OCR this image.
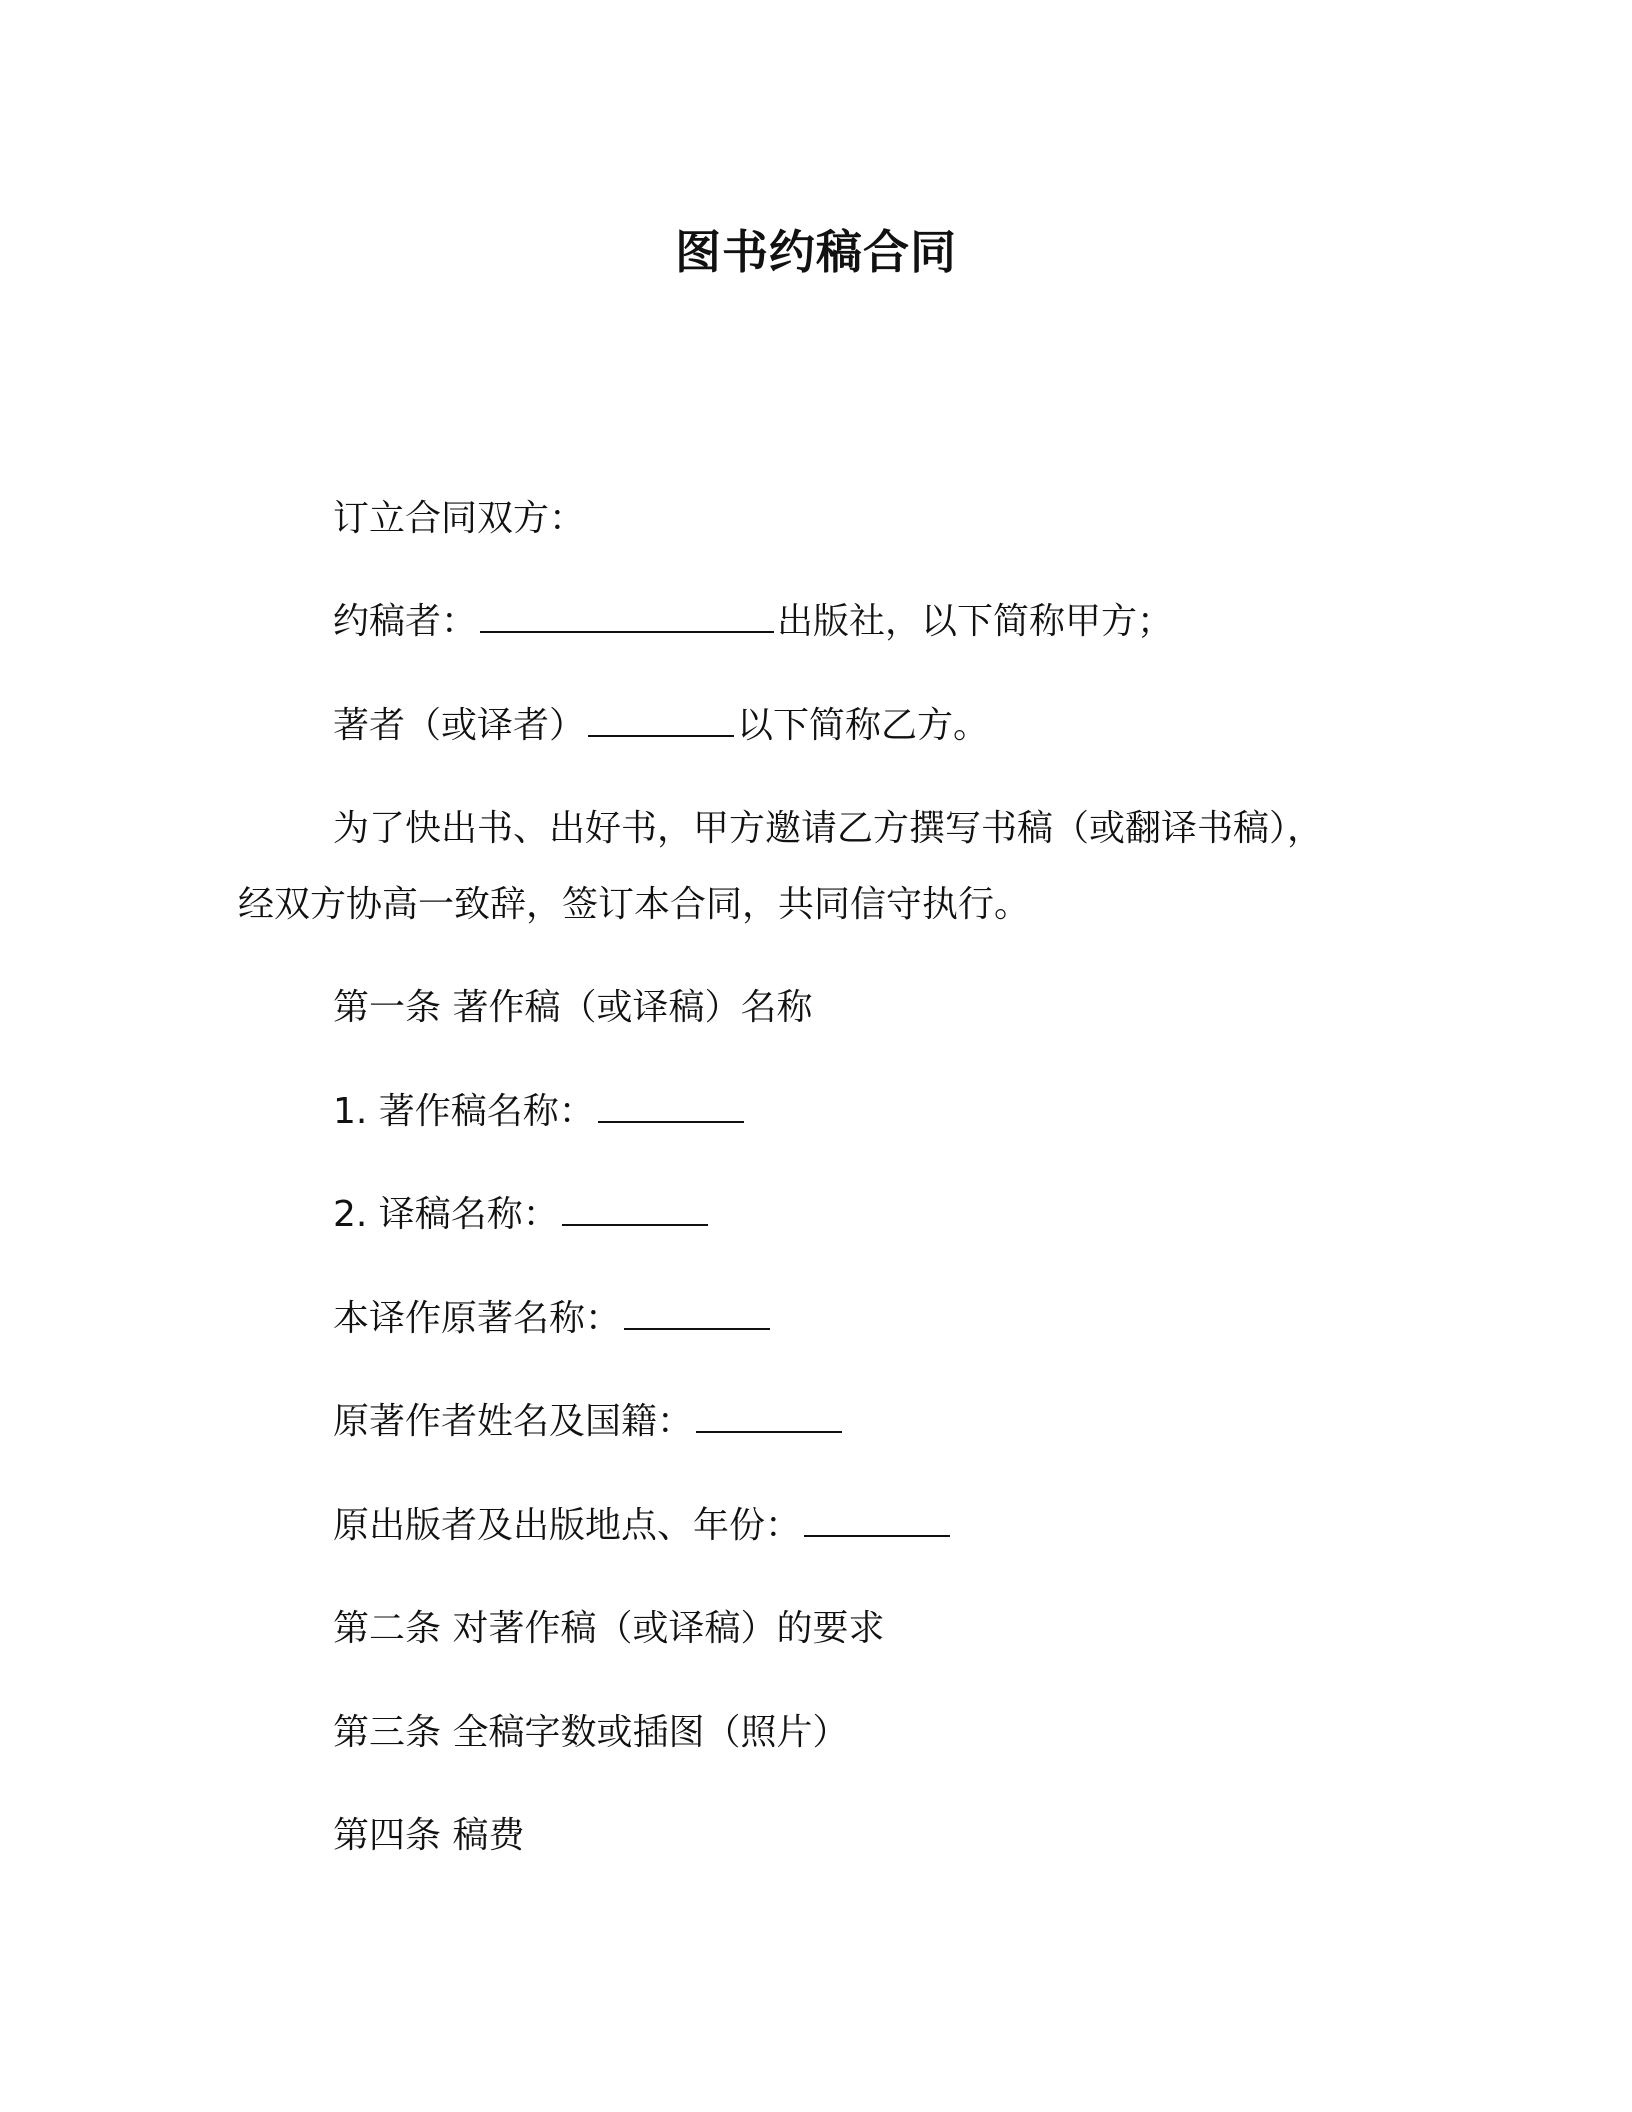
图书约稿合同
订立合同双方：
约稿者：	出版社，以下简称甲方；
著者（或译者）	以下简称乙方。
为了快出书、出好书，甲方邀请乙方撰写书稿（或翻译书稿），
经双方协高一致辞，签订本合同，共同信守执行。
第一条 著作稿（或译稿）名称
1. 著作稿名称：
2. 译稿名称：
本译作原著名称：
原著作者姓名及国籍：
原出版者及出版地点、年份：
第二条 对著作稿（或译稿）的要求
第三条 全稿字数或插图（照片）
第四条 稿费
